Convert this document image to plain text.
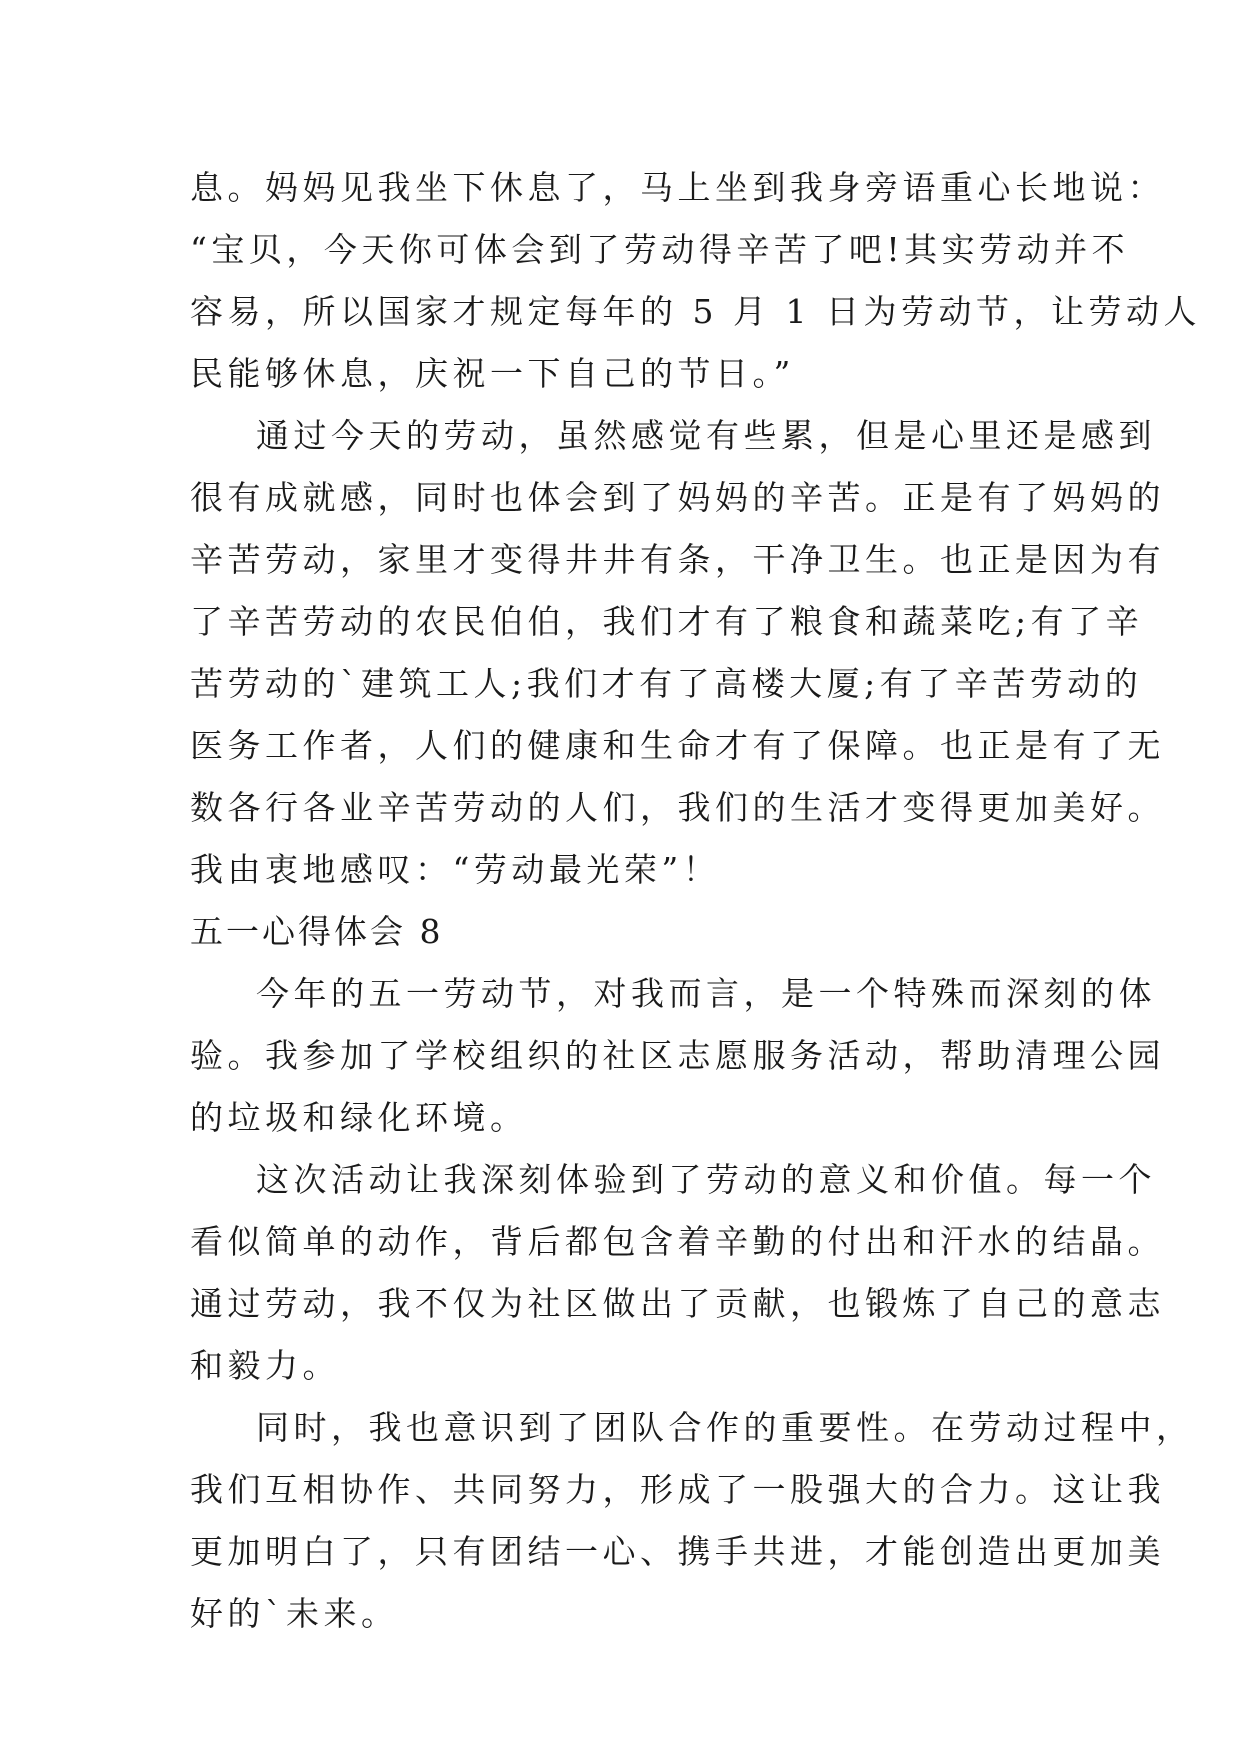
息。妈妈见我坐下休息了，马上坐到我身旁语重心长地说：

“宝贝，今天你可体会到了劳动得辛苦了吧!其实劳动并不

容易，所以国家才规定每年的 5 月 1 日为劳动节，让劳动人

民能够休息，庆祝一下自己的节日。”

通过今天的劳动，虽然感觉有些累，但是心里还是感到

很有成就感，同时也体会到了妈妈的辛苦。正是有了妈妈的

辛苦劳动，家里才变得井井有条，干净卫生。也正是因为有

了辛苦劳动的农民伯伯，我们才有了粮食和蔬菜吃;有了辛

苦劳动的`建筑工人;我们才有了高楼大厦;有了辛苦劳动的

医务工作者，人们的健康和生命才有了保障。也正是有了无

数各行各业辛苦劳动的人们，我们的生活才变得更加美好。

我由衷地感叹：“劳动最光荣”！

五一心得体会 8

今年的五一劳动节，对我而言，是一个特殊而深刻的体

验。我参加了学校组织的社区志愿服务活动，帮助清理公园

的垃圾和绿化环境。

这次活动让我深刻体验到了劳动的意义和价值。每一个

看似简单的动作，背后都包含着辛勤的付出和汗水的结晶。

通过劳动，我不仅为社区做出了贡献，也锻炼了自己的意志

和毅力。

同时，我也意识到了团队合作的重要性。在劳动过程中，

我们互相协作、共同努力，形成了一股强大的合力。这让我

更加明白了，只有团结一心、携手共进，才能创造出更加美

好的`未来。
